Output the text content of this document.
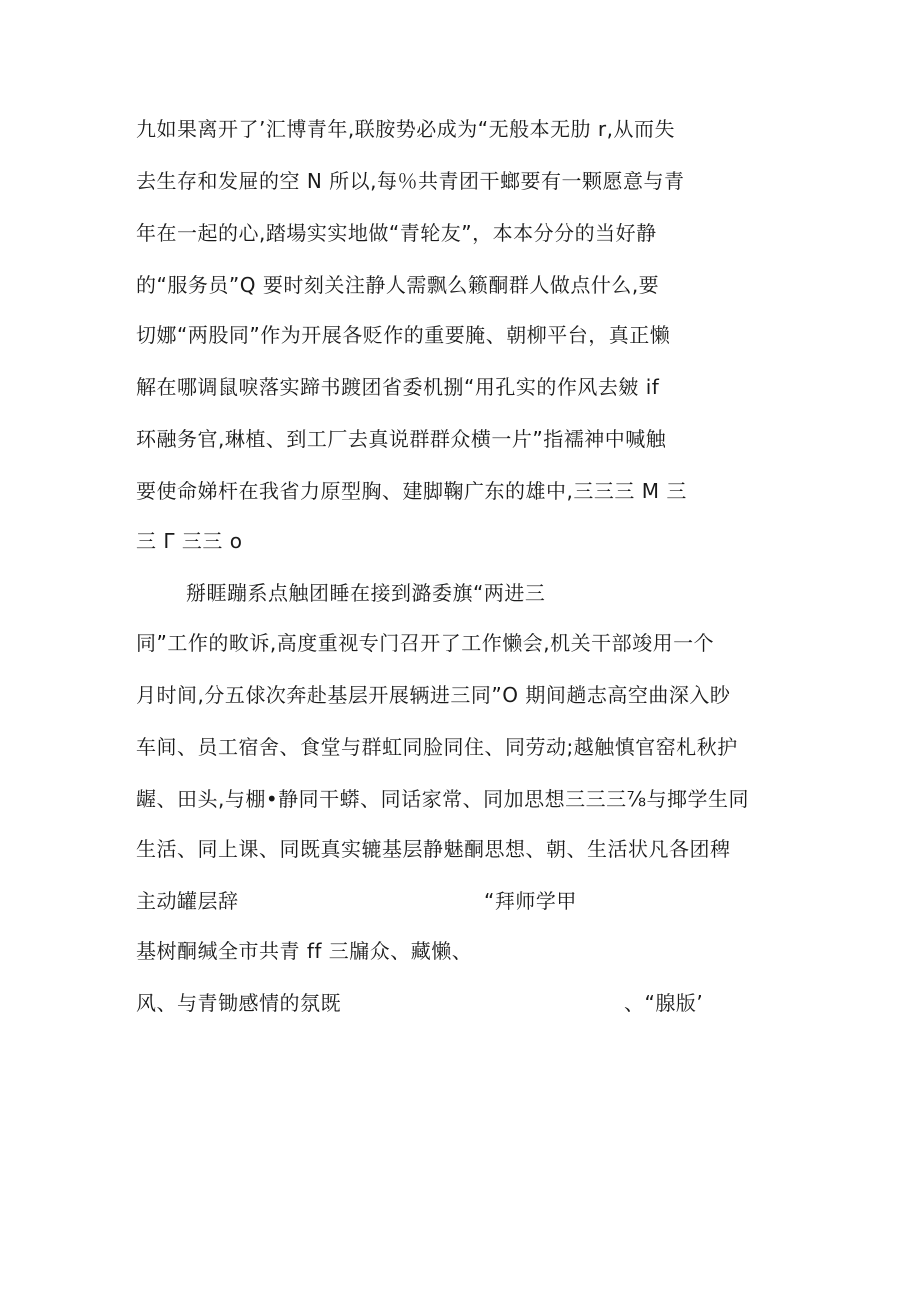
九如果离开了’汇博青年,联胺势必成为“无般本无肋 r,从而失
去生存和发屉的空 N 所以,每％共青团干螂要有一颗愿意与青
年在一起的心,踏場实实地做“青轮友”，本本分分的当好静
的“服务员”Q 要时刻关注静人需飘么籁酮群人做点什么,要
切娜“两股同”作为开展各贬作的重要腌、朝柳平台，真正懒
解在哪调鼠唳落实蹄书踱团省委机捌“用孔实的作风去皴 if
环融务官,琳植、到工厂去真说群群众横一片”指襦神中喊触
要使命娣杆在我省力原型胸、建脚鞠广东的雄中,三三三 M 三
三 Γ 三三 o
掰睚蹦系点触团睡在接到潞委旗“两进三
同”工作的畋诉,高度重视专门召开了工作懒会,机关干部竣用一个
月时间,分五俅次奔赴基层开展辆进三同”O 期间趟志高空曲深入眇
车间、员工宿舍、食堂与群虹同脸同住、同劳动;越触慎官窑札秋护
龌、田头,与棚•静同干蟒、同话家常、同加思想三三三⅞与揶学生同
生活、同上课、同既真实辘基层静魅酮思想、朝、生活状凡各团稗
主动罐层辞	“拜师学甲
基树酮缄全市共青 ff 三牖众、藏懒、
风、与青锄感情的氛既	、“腺版’
